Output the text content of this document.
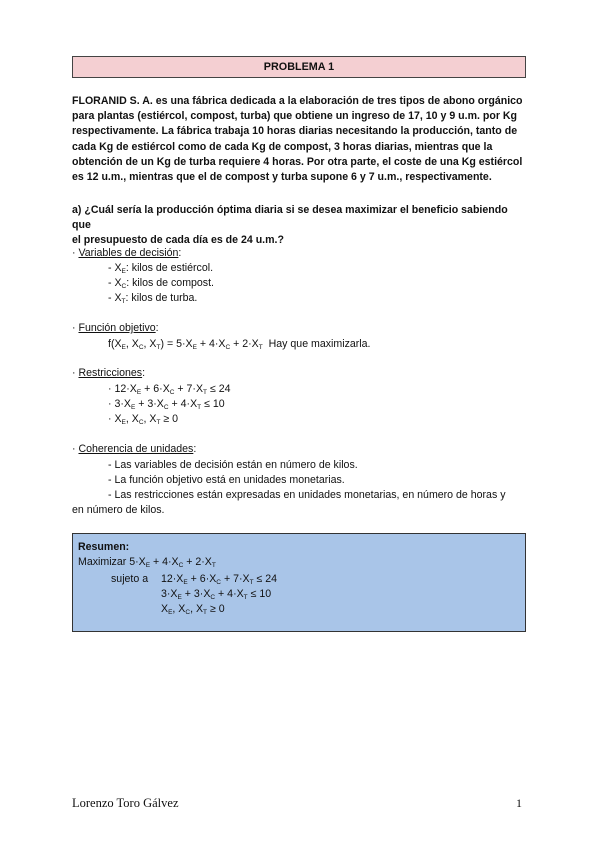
PROBLEMA 1
FLORANID S. A. es una fábrica dedicada a la elaboración de tres tipos de abono orgánico
para plantas (estiércol, compost, turba) que obtiene un ingreso de 17, 10 y 9 u.m. por Kg
respectivamente. La fábrica trabaja 10 horas diarias necesitando la producción, tanto de
cada Kg de estiércol como de cada Kg de compost, 3 horas diarias, mientras que la
obtención de un Kg de turba requiere 4 horas. Por otra parte, el coste de una Kg estiércol
es 12 u.m., mientras que el de compost y turba supone 6 y 7 u.m., respectivamente.
a) ¿Cuál sería la producción óptima diaria si se desea maximizar el beneficio sabiendo que
el presupuesto de cada día es de 24 u.m.?
· Variables de decisión:
- $X_E$: kilos de estiércol.
- $X_C$: kilos de compost.
- $X_T$: kilos de turba.
· Función objetivo:
$f(X_E$, $X_C$, $X_T) = 5\cdot X_E + 4\cdot X_C + 2\cdot X_T$ Hay que maximizarla.
· Restricciones:
· $12\cdot X_E + 6\cdot X_C + 7\cdot X_T \le 24$
· $3\cdot X_E + 3\cdot X_C + 4\cdot X_T \le 10$
· $X_E$, $X_C$, $X_T \ge 0$
· Coherencia de unidades:
- Las variables de decisión están en número de kilos.
- La función objetivo está en unidades monetarias.
- Las restricciones están expresadas en unidades monetarias, en número de horas y
en número de kilos.
Resumen:
Maximizar $5\cdot X_E + 4\cdot X_C + 2\cdot X_T$
sujeto a $12\cdot X_E + 6\cdot X_C + 7\cdot X_T \le 24$
$3\cdot X_E + 3\cdot X_C + 4\cdot X_T \le 10$
$X_E$, $X_C$, $X_T \ge 0$
Lorenzo Toro Gálvez	1
